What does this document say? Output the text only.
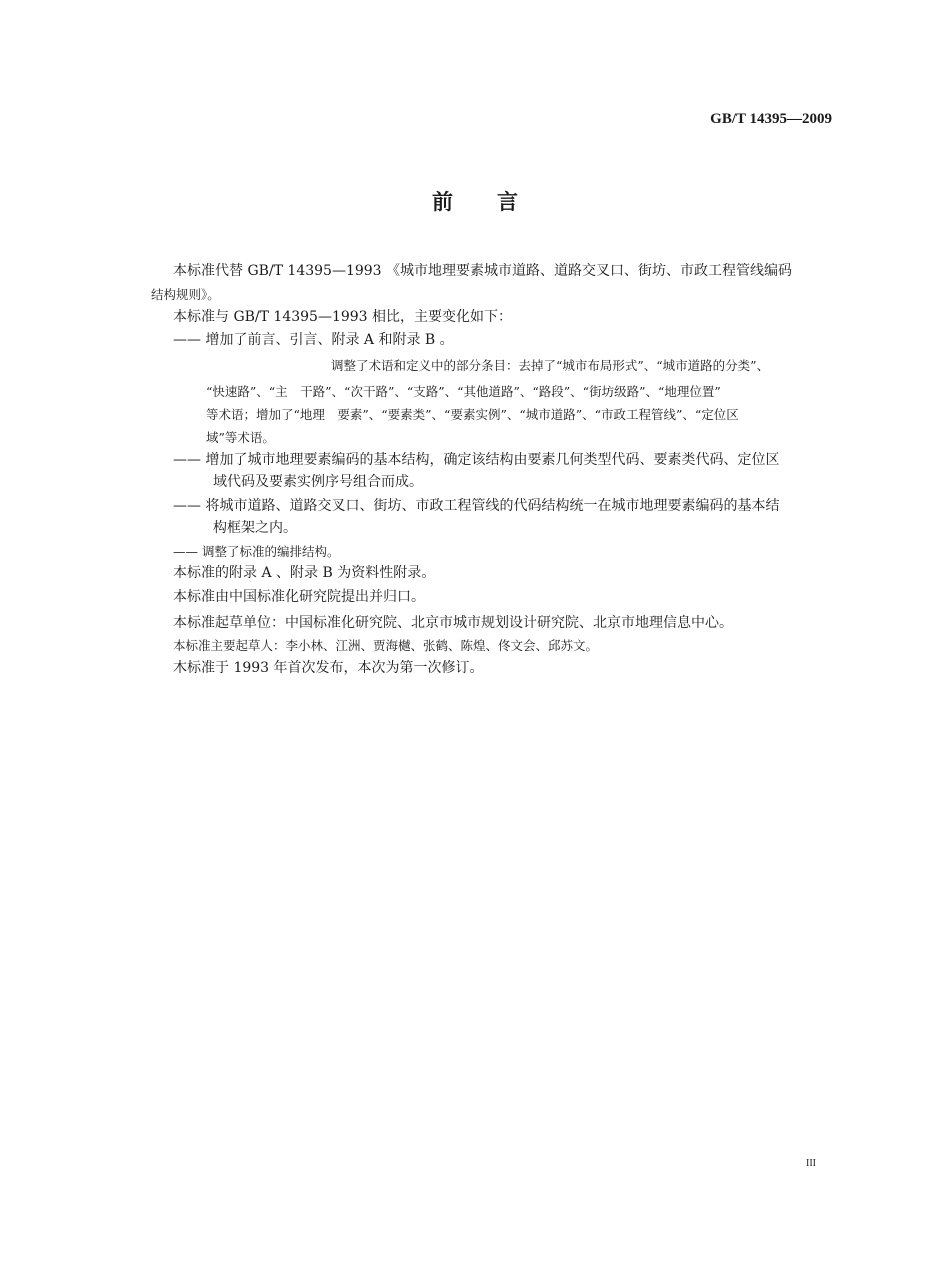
GB/T 14395—2009
前 言
本标准代替 GB/T 14395—1993 《城市地理要素城市道路、道路交叉口、街坊、市政工程管线编码
结构规则》。
本标准与 GB/T 14395—1993 相比，主要变化如下：
—— 增加了前言、引言、附录 A 和附录 B 。
调整了术语和定义中的部分条目：去掉了“城市布局形式”、“城市道路的分类”、
“快速路”、“主　干路”、“次干路”、“支路”、“其他道路”、“路段”、“街坊级路”、“地理位置”
等术语；增加了“地理　要素”、“要素类”、“要素实例”、“城市道路”、“市政工程管线”、“定位区
域”等术语。
—— 增加了城市地理要素编码的基本结构，确定该结构由要素几何类型代码、要素类代码、定位区
域代码及要素实例序号组合而成。
—— 将城市道路、道路交叉口、街坊、市政工程管线的代码结构统一在城市地理要素编码的基本结
构框架之内。
—— 调整了标准的编排结构。
本标准的附录 A 、附录 B 为资料性附录。
本标准由中国标准化研究院提出并归口。
本标准起草单位：中国标准化研究院、北京市城市规划设计研究院、北京市地理信息中心。
本标准主要起草人：李小林、江洲、贾海樾、张鹤、陈煌、佟文会、邱苏文。
木标准于 1993 年首次发布，本次为第一次修订。
III
